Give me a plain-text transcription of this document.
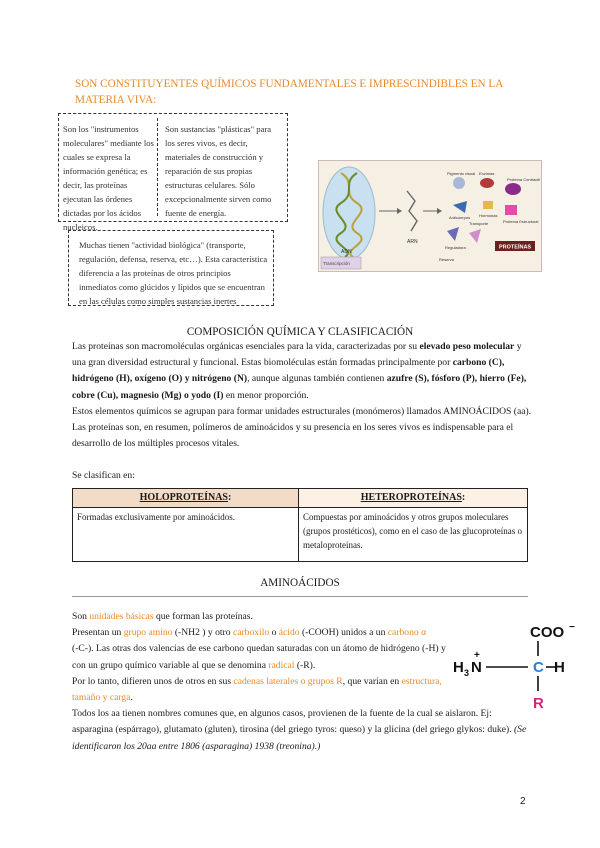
SON CONSTITUYENTES QUÍMICOS FUNDAMENTALES E IMPRESCINDIBLES EN LA MATERIA VIVA:
Son los "instrumentos moleculares" mediante los cuales se expresa la información genética; es decir, las proteínas ejecutan las órdenes dictadas por los ácidos nucleicos.
Son sustancias "plásticas" para los seres vivos, es decir, materiales de construcción y reparación de sus propias estructuras celulares. Sólo excepcionalmente sirven como fuente de energía.

Muchas tienen "actividad biológica" (transporte, regulación, defensa, reserva, etc…). Esta característica diferencia a las proteínas de otros principios inmediatos como glúcidos y lípidos que se encuentran en las células como simples sustancias inertes

ADN
ARN
Pigmento visual Enzimas
Proteína Contráctil
Anticuerpos Hormonas
Proteína Estructural
Reguladora
Transporte
PROTEÍNAS
Reserva
Transcripción
COMPOSICIÓN QUÍMICA Y CLASIFICACIÓN
Las proteínas son macromoléculas orgánicas esenciales para la vida, caracterizadas por su elevado peso molecular y una gran diversidad estructural y funcional. Estas biomoléculas están formadas principalmente por carbono (C), hidrógeno (H), oxígeno (O) y nitrógeno (N), aunque algunas también contienen azufre (S), fósforo (P), hierro (Fe), cobre (Cu), magnesio (Mg) o yodo (I) en menor proporción.
Estos elementos químicos se agrupan para formar unidades estructurales (monómeros) llamados AMINOÁCIDOS (aa). Las proteínas son, en resumen, polímeros de aminoácidos y su presencia en los seres vivos es indispensable para el desarrollo de los múltiples procesos vitales.
Se clasifican en:
HOLOPROTEÍNAS:
Formadas exclusivamente por aminoácidos.
HETEROPROTEÍNAS:
Compuestas por aminoácidos y otros grupos moleculares (grupos prostéticos), como en el caso de las glucoproteínas o metaloproteínas.
AMINOÁCIDOS
Son unidades básicas que forman las proteínas.
Presentan un grupo amino (-NH2 ) y otro carboxilo o ácido (-COOH) unidos a un carbono α
(-C-). Las otras dos valencias de ese carbono quedan saturadas con un átomo de hidrógeno (-H) y con un grupo químico variable al que se denomina radical (-R).
Por lo tanto, difieren unos de otros en sus cadenas laterales o grupos R, que varían en estructura, tamaño y carga.
Todos los aa tienen nombres comunes que, en algunos casos, provienen de la fuente de la cual se aislaron. Ej: asparagina (espárrago), glutamato (gluten), tirosina (del griego tyros: queso) y la glicina (del griego glykos: duke). (Se identificaron los 20aa entre 1806 (asparagina) 1938 (treonina).)
COO −
H 3 N
+
C H
R
2
